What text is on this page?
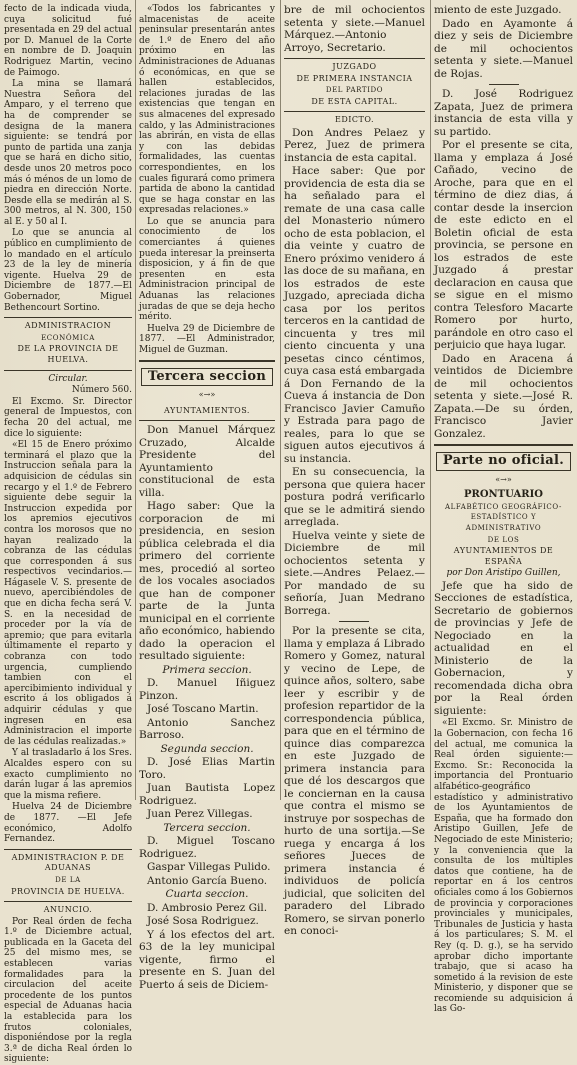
fecto de la indicada viuda, cuya solicitud fué presentada en 29 del actual por D. Manuel de la Corte en nombre de D. Joaquin Rodriguez Martin, vecino de Paimogo.

La mina se llamará Nuestra Señora del Amparo, y el terreno que ha de comprender se designa de la manera siguiente: se tendrá por punto de partida una zanja que se hará en dicho sitio, desde unos 20 metros poco más ó ménos de un lomo de piedra en dirección Norte. Desde ella se medirán al S. 300 metros, al N. 300, 150 al E. y 50 al I.

Lo que se anuncia al público en cumplimiento de lo mandado en el artículo 23 de la ley de minería vigente. Huelva 29 de Diciembre de 1877.—El Gobernador, Miguel Bethencourt Sortino.

ADMINISTRACION

ECONÓMICA

DE LA PROVINCIA DE HUELVA.

Circular.

Número 560.

El Excmo. Sr. Director general de Impuestos, con fecha 20 del actual, me dice lo siguiente:

«El 15 de Enero próximo terminará el plazo que la Instruccion señala para la adquisicion de cédulas sin recargo y el 1.º de Febrero siguiente debe seguir la Instruccion expedida por los apremios ejecutivos contra los morosos que no hayan realizado la cobranza de las cédulas que corresponden á sus respectivos vecindarios.—Hágasele V. S. presente de nuevo, apercibiéndoles de que en dicha fecha será V. S. en la necesidad de proceder por la vía de apremio; que para evitarla últimamente el reparto y cobranza con todo urgencia, cumpliendo tambien con el apercibimiento individual y escrito á los obligados á adquirir cédulas y que ingresen en esa Administracion el importe de las cédulas realizadas.»

Y al trasladarlo á los Sres. Alcaldes espero con su exacto cumplimiento no darán lugar á las apremios que la misma refiere.

Huelva 24 de Diciembre de 1877. —El Jefe económico, Adolfo Fernandez.

ADMINISTRACION P. DE ADUANAS

DE LA

PROVINCIA DE HUELVA.

ANUNCIO.

Por Real órden de fecha 1.º de Diciembre actual, publicada en la Gaceta del 25 del mismo mes, se establecen varias formalidades para la circulacion del aceite procedente de los puntos especial de Aduanas hacia la establecida para los frutos coloniales, disponiéndose por la regla 3.ª de dicha Real órden lo siguiente:

«Todos los fabricantes y almacenistas de aceite peninsular presentarán antes de 1.º de Enero del año próximo en las Administraciones de Aduanas ó económicas, en que se hallen establecidos, relaciones juradas de las existencias que tengan en sus almacenes del expresado caldo, y las Administraciones las abrirán, en vista de ellas y con las debidas formalidades, las cuentas correspondientes, en los cuales figurará como primera partida de abono la cantidad que se haga constar en las expresadas relaciones.»

Lo que se anuncia para conocimiento de los comerciantes á quienes pueda interesar la preinserta disposicion, y á fin de que presenten en esta Administracion principal de Aduanas las relaciones juradas de que se deja hecho mérito.

Huelva 29 de Diciembre de 1877. —El Administrador, Miguel de Guzman.

Tercera seccion
«→»

AYUNTAMIENTOS.

Don Manuel Márquez Cruzado, Alcalde Presidente del Ayuntamiento constitucional de esta villa.

Hago saber: Que la corporacion de mi presidencia, en sesion pública celebrada el dia primero del corriente mes, procedió al sorteo de los vocales asociados que han de componer parte de la Junta municipal en el corriente año económico, habiendo dado la operacion el resultado siguiente:

Primera seccion.

D. Manuel Iñiguez Pinzon.

José Toscano Martin.

Antonio Sanchez Barroso.

Segunda seccion.

D. José Elias Martin Toro.

Juan Bautista Lopez Rodriguez.

Juan Perez Villegas.

Tercera seccion.

D. Miguel Toscano Rodriguez.

Gaspar Villegas Pulido.

Antonio García Bueno.

Cuarta seccion.

D. Ambrosio Perez Gil.

José Sosa Rodriguez.

Y á los efectos del art. 63 de la ley municipal vigente, firmo el presente en S. Juan del Puerto á seis de Diciem-

bre de mil ochocientos setenta y siete.—Manuel Márquez.—Antonio Arroyo, Secretario.

JUZGADO

DE PRIMERA INSTANCIA

DEL PARTIDO

DE ESTA CAPITAL.

EDICTO.

Don Andres Pelaez y Perez, Juez de primera instancia de esta capital.

Hace saber: Que por providencia de esta dia se ha señalado para el remate de una casa calle del Monasterio número ocho de esta poblacion, el dia veinte y cuatro de Enero próximo venidero á las doce de su mañana, en los estrados de este Juzgado, apreciada dicha casa por los peritos terceros en la cantidad de cincuenta y tres mil ciento cincuenta y una pesetas cinco céntimos, cuya casa está embargada á Don Fernando de la Cueva á instancia de Don Francisco Javier Camuño y Estrada para pago de reales, para lo que se siguen autos ejecutivos á su instancia.

En su consecuencia, la persona que quiera hacer postura podrá verificarlo que se le admitirá siendo arreglada.

Huelva veinte y siete de Diciembre de mil ochocientos setenta y siete.—Andres Pelaez.—Por mandado de su señoría, Juan Medrano Borrega.

Por la presente se cita, llama y emplaza á Librado Romero y Gomez, natural y vecino de Lepe, de quince años, soltero, sabe leer y escribir y de profesion repartidor de la correspondencia pública, para que en el término de quince dias comparezca en este Juzgado de primera instancia para que dé los descargos que le conciernan en la causa que contra el mismo se instruye por sospechas de hurto de una sortija.—Se ruega y encarga á los señores Jueces de primera instancia é individuos de policía judicial, que soliciten del paradero del Librado Romero, se sirvan ponerlo en conoci-

miento de este Juzgado.

Dado en Ayamonte á diez y seis de Diciembre de mil ochocientos setenta y siete.—Manuel de Rojas.

D. José Rodriguez Zapata, Juez de primera instancia de esta villa y su partido.

Por el presente se cita, llama y emplaza á José Cañado, vecino de Aroche, para que en el término de diez dias, á contar desde la insercion de este edicto en el Boletin oficial de esta provincia, se persone en los estrados de este Juzgado á prestar declaracion en causa que se sigue en el mismo contra Telesforo Macarte Romero por hurto, parándole en otro caso el perjuicio que haya lugar.

Dado en Aracena á veintidos de Diciembre de mil ochocientos setenta y siete.—José R. Zapata.—De su órden, Francisco Javier Gonzalez.

Parte no oficial.
«→»

PRONTUARIO

ALFABÉTICO GEOGRÁFICO-ESTADÍSTICO Y ADMINISTRATIVO

DE LOS

AYUNTAMIENTOS DE ESPAÑA

por Don Aristipo Guillen,

Jefe que ha sido de Secciones de estadística, Secretario de gobiernos de provincias y Jefe de Negociado en la actualidad en el Ministerio de la Gobernacion, y recomendada dicha obra por la Real órden siguiente:

«El Excmo. Sr. Ministro de la Gobernacion, con fecha 16 del actual, me comunica la Real órden siguiente:—Excmo. Sr.: Reconocida la importancia del Prontuario alfabético-geográfico estadístico y administrativo de los Ayuntamientos de España, que ha formado don Aristipo Guillen, Jefe de Negociado de este Ministerio; y la conveniencia que la consulta de los múltiples datos que contiene, ha de reportar en á los centros oficiales como á los Gobiernos de provincia y corporaciones provinciales y municipales, Tribunales de Justicia y hasta á los particulares; S. M. el Rey (q. D. g.), se ha servido aprobar dicho importante trabajo, que si acaso ha sometido á la revision de este Ministerio, y disponer que se recomiende su adquisicion á las Go-
